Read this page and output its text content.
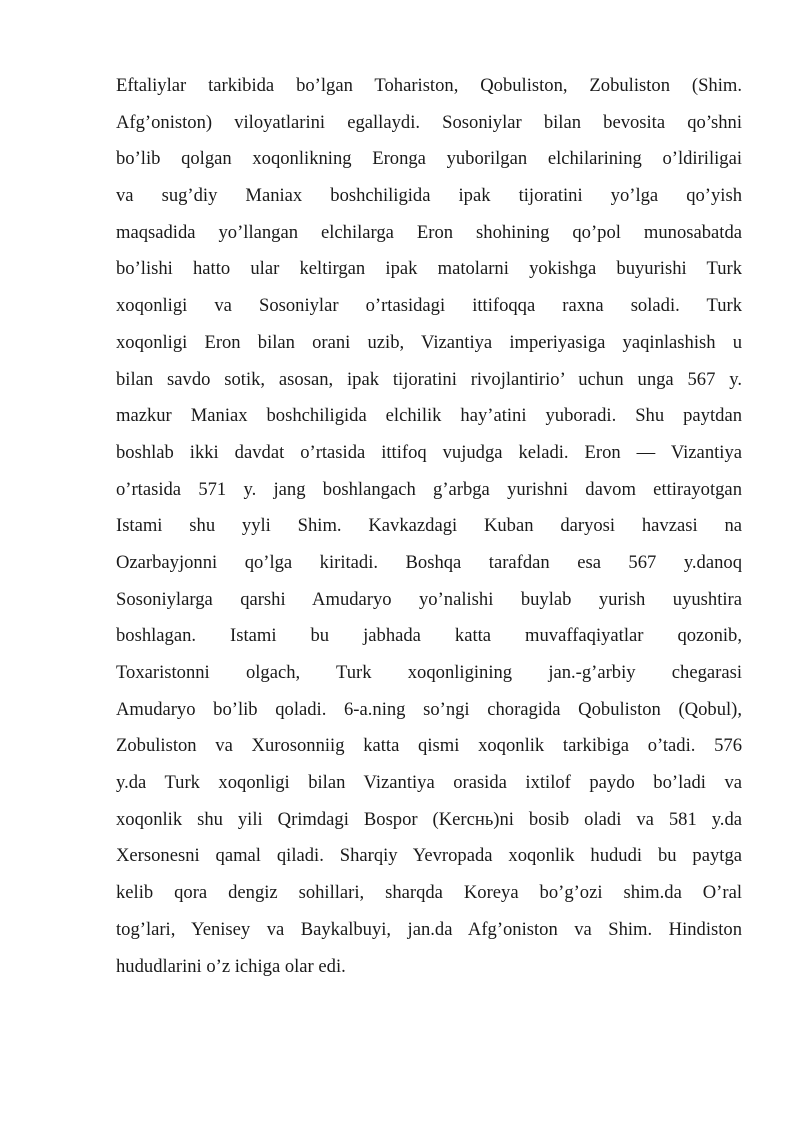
Eftaliylar tarkibida bo’lgan Tohariston, Qobuliston, Zobuliston (Shim.
Afg’oniston) viloyatlarini egallaydi. Sosoniylar bilan bevosita qo’shni
bo’lib qolgan xoqonlikning Eronga yuborilgan elchilarining o’ldiriligai
va sug’diy Maniax boshchiligida ipak tijoratini yo’lga qo’yish
maqsadida yo’llangan elchilarga Eron shohining qo’pol munosabatda
bo’lishi hatto ular keltirgan ipak matolarni yokishga buyurishi Turk
xoqonligi va Sosoniylar o’rtasidagi ittifoqqa raxna soladi. Turk
xoqonligi Eron bilan orani uzib, Vizantiya imperiyasiga yaqinlashish u
bilan savdo sotik, asosan, ipak tijoratini rivojlantirio’ uchun unga 567 y.
mazkur Maniax boshchiligida elchilik hay’atini yuboradi. Shu paytdan
boshlab ikki davdat o’rtasida ittifoq vujudga keladi. Eron — Vizantiya
o’rtasida 571 y. jang boshlangach g’arbga yurishni davom ettirayotgan
Istami shu yyli Shim. Kavkazdagi Kuban daryosi havzasi na
Ozarbayjonni qo’lga kiritadi. Boshqa tarafdan esa 567 y.danoq
Sosoniylarga qarshi Amudaryo yo’nalishi buylab yurish uyushtira
boshlagan. Istami bu jabhada katta muvaffaqiyatlar qozonib,
Toxaristonni olgach, Turk xoqonligining jan.-g’arbiy chegarasi
Amudaryo bo’lib qoladi. 6-a.ning so’ngi choragida Qobuliston (Qobul),
Zobuliston va Xurosonniig katta qismi xoqonlik tarkibiga o’tadi. 576
y.da Turk xoqonligi bilan Vizantiya orasida ixtilof paydo bo’ladi va
xoqonlik shu yili Qrimdagi Bospor (Kercнь)ni bosib oladi va 581 y.da
Xersonesni qamal qiladi. Sharqiy Yevropada xoqonlik hududi bu paytga
kelib qora dengiz sohillari, sharqda Koreya bo’g’ozi shim.da O’ral
tog’lari, Yenisey va Baykalbuyi, jan.da Afg’oniston va Shim. Hindiston
hududlarini o’z ichiga olar edi.
